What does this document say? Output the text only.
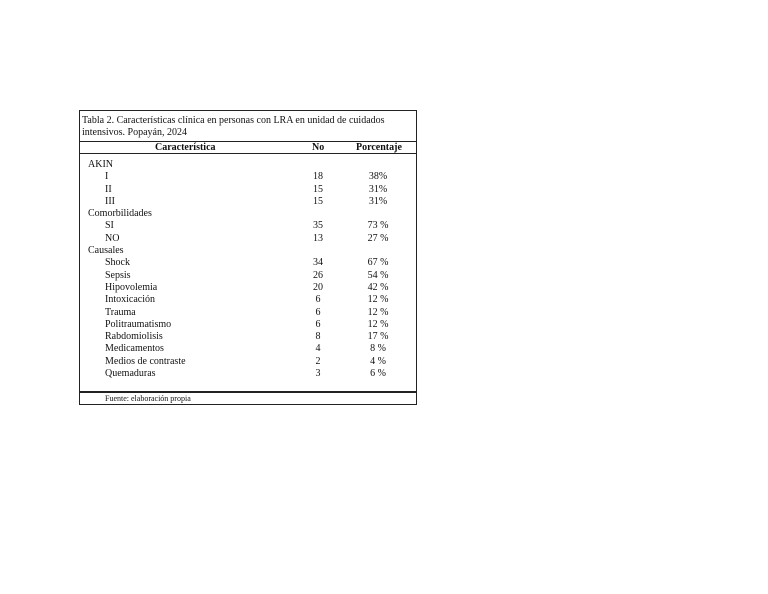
Tabla 2. Características clínica en personas con LRA en unidad de cuidados
intensivos. Popayán, 2024
Característica	No	Porcentaje
AKIN
I	18	38%
II	15	31%
III	15	31%
Comorbilidades
SI	35	73 %
NO	13	27 %
Causales
Shock	34	67 %
Sepsis	26	54 %
Hipovolemia	20	42 %
Intoxicación	6	12 %
Trauma	6	12 %
Politraumatismo	6	12 %
Rabdomiolisis	8	17 %
Medicamentos	4	8 %
Medios de contraste	2	4 %
Quemaduras	3	6 %
Fuente: elaboración propia
